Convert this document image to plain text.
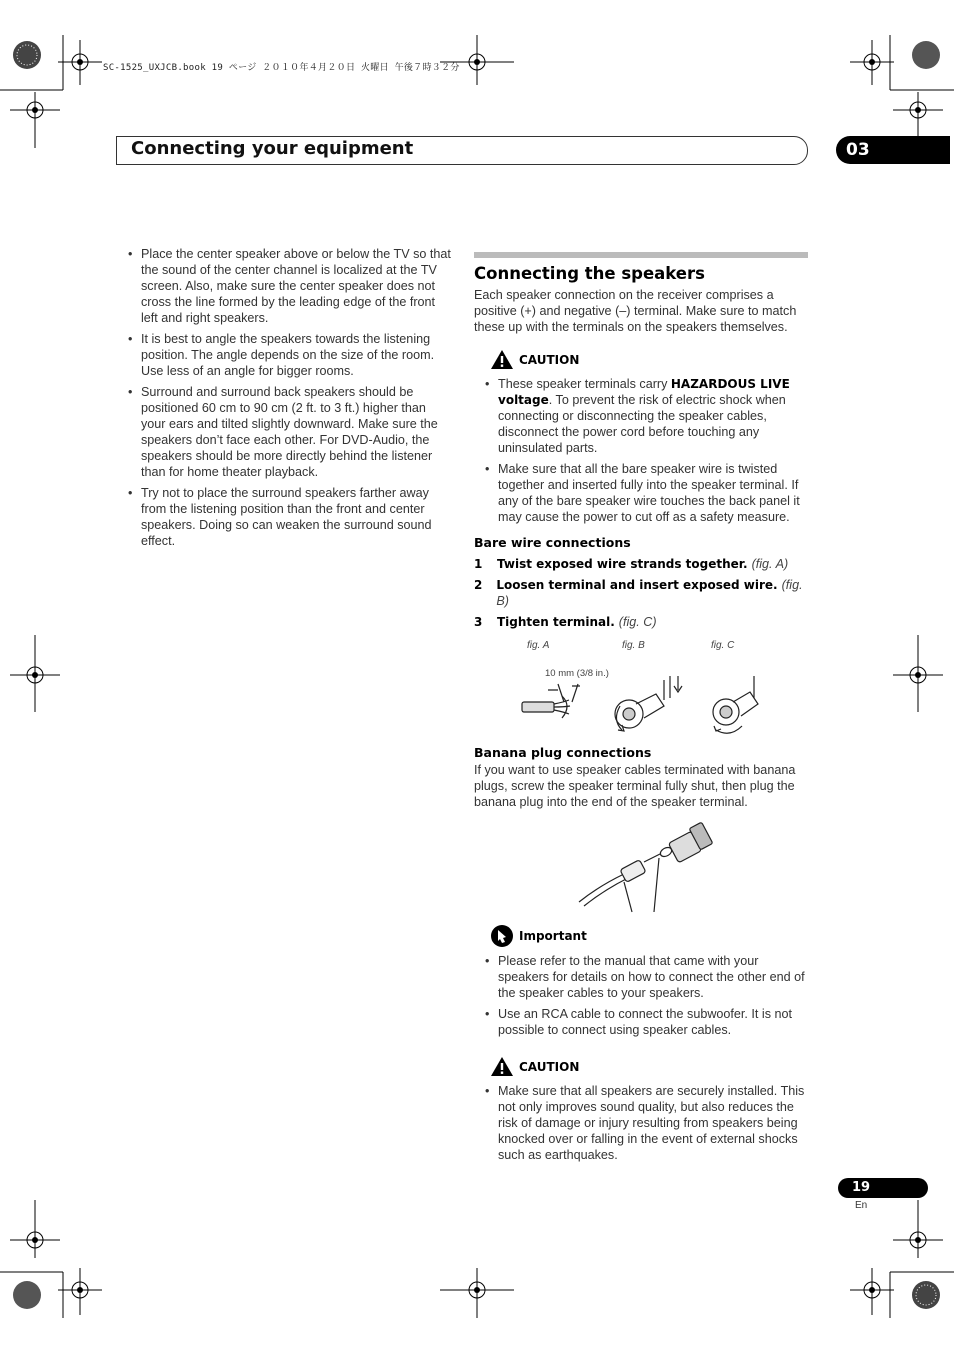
SC-1525_UXJCB.book 19 ページ ２０１０年４月２０日 火曜日 午後７時３２分
Connecting your equipment	03
• Place the center speaker above or below the TV so that the sound of the center channel is localized at the TV screen. Also, make sure the center speaker does not cross the line formed by the leading edge of the front left and right speakers.
• It is best to angle the speakers towards the listening position. The angle depends on the size of the room. Use less of an angle for bigger rooms.
• Surround and surround back speakers should be positioned 60 cm to 90 cm (2 ft. to 3 ft.) higher than your ears and tilted slightly downward. Make sure the speakers don’t face each other. For DVD-Audio, the speakers should be more directly behind the listener than for home theater playback.
• Try not to place the surround speakers farther away from the listening position than the front and center speakers. Doing so can weaken the surround sound effect.
Connecting the speakers
Each speaker connection on the receiver comprises a positive (+) and negative (–) terminal. Make sure to match these up with the terminals on the speakers themselves.
CAUTION
• These speaker terminals carry HAZARDOUS LIVE voltage. To prevent the risk of electric shock when connecting or disconnecting the speaker cables, disconnect the power cord before touching any uninsulated parts.
• Make sure that all the bare speaker wire is twisted together and inserted fully into the speaker terminal. If any of the bare speaker wire touches the back panel it may cause the power to cut off as a safety measure.
Bare wire connections
1	Twist exposed wire strands together. (fig. A)
2	Loosen terminal and insert exposed wire. (fig. B)
3	Tighten terminal. (fig. C)
fig. A	fig. B	fig. C
10 mm (3/8 in.)
Banana plug connections
If you want to use speaker cables terminated with banana plugs, screw the speaker terminal fully shut, then plug the banana plug into the end of the speaker terminal.
Important
• Please refer to the manual that came with your speakers for details on how to connect the other end of the speaker cables to your speakers.
• Use an RCA cable to connect the subwoofer. It is not possible to connect using speaker cables.
CAUTION
• Make sure that all speakers are securely installed. This not only improves sound quality, but also reduces the risk of damage or injury resulting from speakers being knocked over or falling in the event of external shocks such as earthquakes.
19
En
